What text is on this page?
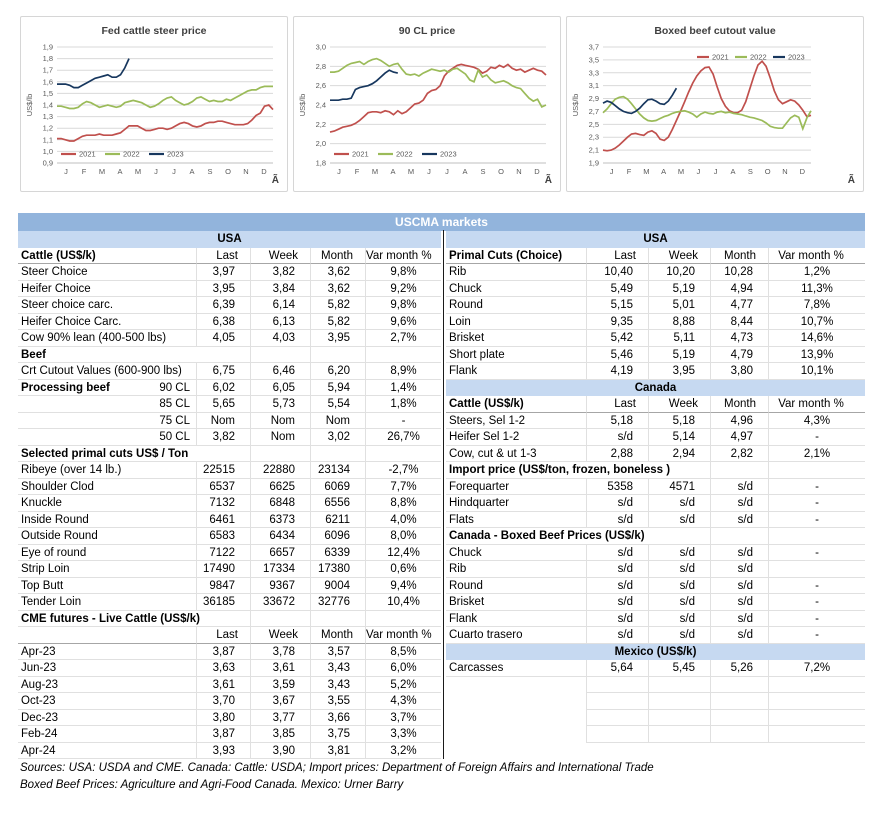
Fed cattle steer price
US$/lb
1,9
1,8
1,7
1,6
1,5
1,4
1,3
1,2
1,1
1,0
0,9
J F M A M J J A S O N D
2021	2022	2023
Ã
90 CL price
US$/lb
3,0
2,8
2,6
2,4
2,2
2,0
1,8
J F M A M J J A S O N D
2021	2022	2023
Ã
Boxed beef cutout value
US$/lb
3,7
3,5
3,3
3,1
2,9
2,7
2,5
2,3
2,1
1,9
J F M A M J J A S O N D
2021	2022	2023
Ã
USCMA markets
USA
Cattle (US$/k)	Last	Week	Month	Var month %
Steer Choice	3,97	3,82	3,62	9,8%
Heifer Choice	3,95	3,84	3,62	9,2%
Steer choice carc.	6,39	6,14	5,82	9,8%
Heifer Choice Carc.	6,38	6,13	5,82	9,6%
Cow 90% lean (400-500 lbs)	4,05	4,03	3,95	2,7%
Beef
Crt Cutout Values (600-900 lbs)	6,75	6,46	6,20	8,9%
Processing beef	90 CL	6,02	6,05	5,94	1,4%
85 CL	5,65	5,73	5,54	1,8%
75 CL	Nom	Nom	Nom	-
50 CL	3,82	Nom	3,02	26,7%
Selected primal cuts US$ / Ton
Ribeye (over 14 lb.)	22515	22880	23134	-2,7%
Shoulder Clod	6537	6625	6069	7,7%
Knuckle	7132	6848	6556	8,8%
Inside Round	6461	6373	6211	4,0%
Outside Round	6583	6434	6096	8,0%
Eye of round	7122	6657	6339	12,4%
Strip Loin	17490	17334	17380	0,6%
Top Butt	9847	9367	9004	9,4%
Tender Loin	36185	33672	32776	10,4%
CME futures - Live Cattle (US$/k)
Last	Week	Month	Var month %
Apr-23	3,87	3,78	3,57	8,5%
Jun-23	3,63	3,61	3,43	6,0%
Aug-23	3,61	3,59	3,43	5,2%
Oct-23	3,70	3,67	3,55	4,3%
Dec-23	3,80	3,77	3,66	3,7%
Feb-24	3,87	3,85	3,75	3,3%
Apr-24	3,93	3,90	3,81	3,2%
USA
Primal Cuts (Choice)	Last	Week	Month	Var month %
Rib	10,40	10,20	10,28	1,2%
Chuck	5,49	5,19	4,94	11,3%
Round	5,15	5,01	4,77	7,8%
Loin	9,35	8,88	8,44	10,7%
Brisket	5,42	5,11	4,73	14,6%
Short plate	5,46	5,19	4,79	13,9%
Flank	4,19	3,95	3,80	10,1%
Canada
Cattle (US$/k)	Last	Week	Month	Var month %
Steers, Sel 1-2	5,18	5,18	4,96	4,3%
Heifer Sel 1-2	s/d	5,14	4,97	-
Cow, cut & ut 1-3	2,88	2,94	2,82	2,1%
Import price (US$/ton, frozen, boneless )
Forequarter	5358	4571	s/d	-
Hindquarter	s/d	s/d	s/d	-
Flats	s/d	s/d	s/d	-
Canada - Boxed Beef Prices (US$/k)
Chuck	s/d	s/d	s/d	-
Rib	s/d	s/d	s/d
Round	s/d	s/d	s/d	-
Brisket	s/d	s/d	s/d	-
Flank	s/d	s/d	s/d	-
Cuarto trasero	s/d	s/d	s/d	-
Mexico (US$/k)
Carcasses	5,64	5,45	5,26	7,2%
Sources: USA: USDA and CME. Canada: Cattle: USDA; Import prices: Department of Foreign Affairs and International Trade
Boxed Beef Prices: Agriculture and Agri-Food Canada. Mexico: Urner Barry
